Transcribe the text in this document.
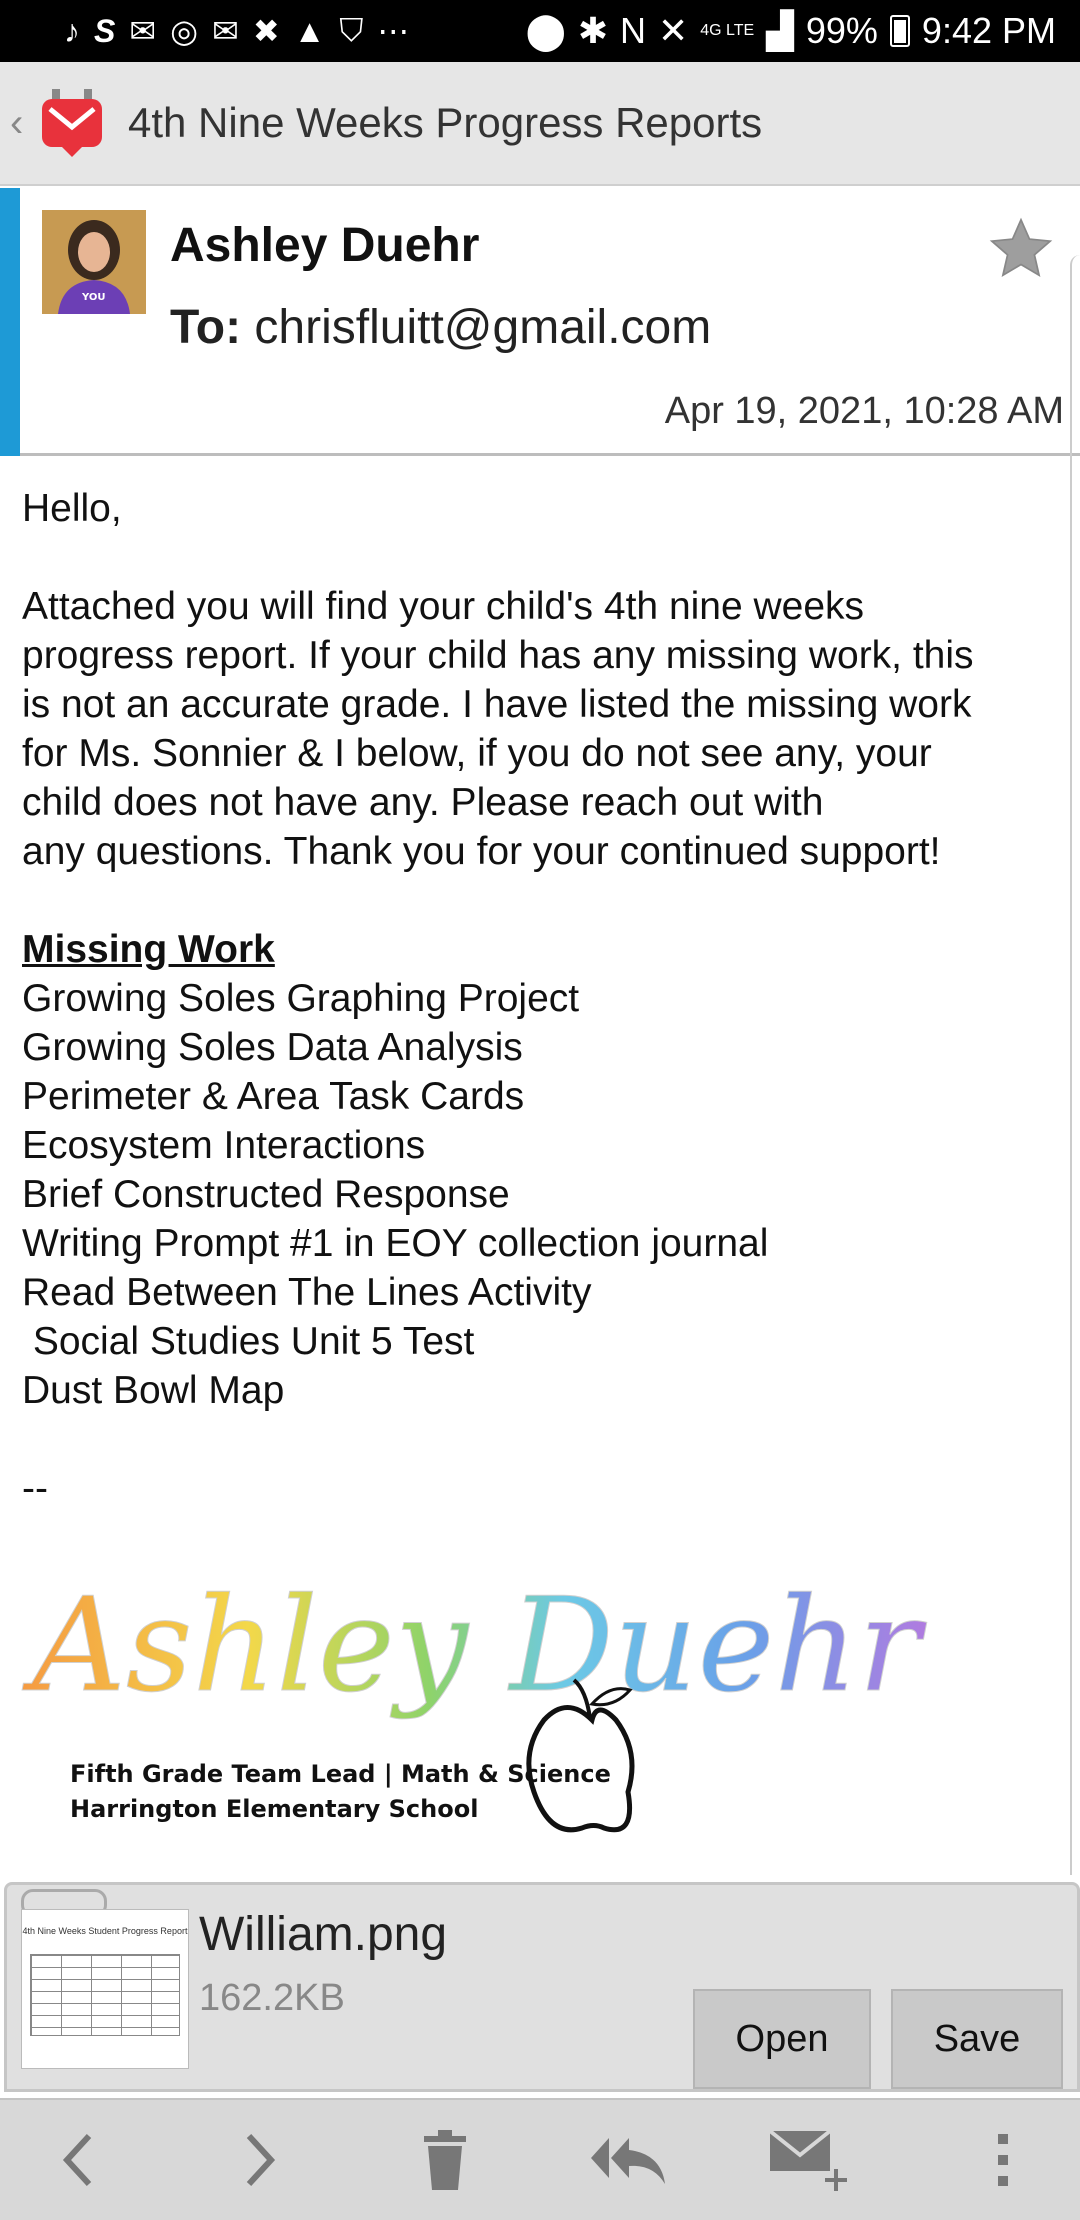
♪ S ✉ ◎ ✉ ✖ ▲ ⛉ ⋯	⬤ ✱ N ✕ 4G LTE ▟ 99% 9:42 PM
‹ 4th Nine Weeks Progress Reports
YOU
Ashley Duehr
To: chrisfluitt@gmail.com
Apr 19, 2021, 10:28 AM

Hello,

Attached you will find your child's 4th nine weeks

progress report. If your child has any missing work, this

is not an accurate grade. I have listed the missing work

for Ms. Sonnier & I below, if you do not see any, your

child does not have any. Please reach out with

any questions. Thank you for your continued support!

Missing Work

Growing Soles Graphing Project

Growing Soles Data Analysis

Perimeter & Area Task Cards

Ecosystem Interactions

Brief Constructed Response

Writing Prompt #1 in EOY collection journal

Read Between The Lines Activity

Social Studies Unit 5 Test

Dust Bowl Map

--

Ashley Duehr
Fifth Grade Team Lead | Math & Science
Harrington Elementary School
4th Nine Weeks Student Progress Report William.png
162.2KB
Open	Save
